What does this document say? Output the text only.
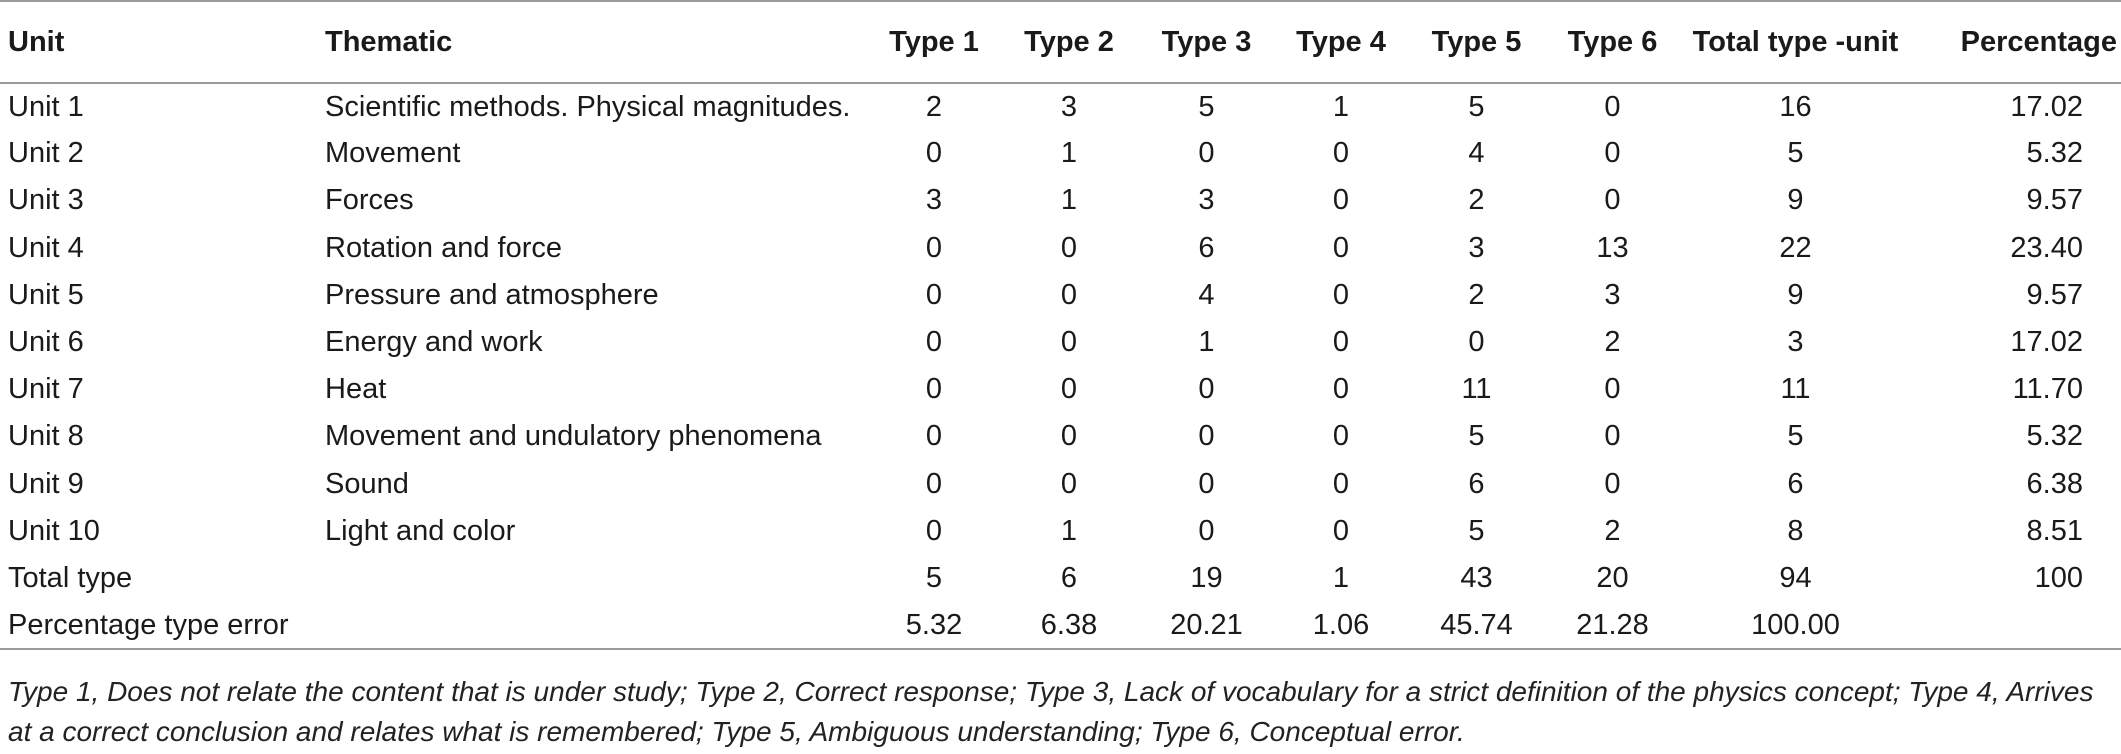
Unit	Thematic	Type 1	Type 2	Type 3	Type 4	Type 5	Type 6	Total type -unit	Percentage
Unit 1	Scientific methods. Physical magnitudes.	2	3	5	1	5	0	16	17.02
Unit 2	Movement	0	1	0	0	4	0	5	5.32
Unit 3	Forces	3	1	3	0	2	0	9	9.57
Unit 4	Rotation and force	0	0	6	0	3	13	22	23.40
Unit 5	Pressure and atmosphere	0	0	4	0	2	3	9	9.57
Unit 6	Energy and work	0	0	1	0	0	2	3	17.02
Unit 7	Heat	0	0	0	0	11	0	11	11.70
Unit 8	Movement and undulatory phenomena	0	0	0	0	5	0	5	5.32
Unit 9	Sound	0	0	0	0	6	0	6	6.38
Unit 10	Light and color	0	1	0	0	5	2	8	8.51
Total type		5	6	19	1	43	20	94	100
Percentage type error		5.32	6.38	20.21	1.06	45.74	21.28	100.00	
Type 1, Does not relate the content that is under study; Type 2, Correct response; Type 3, Lack of vocabulary for a strict definition of the physics concept; Type 4, Arrives at a correct conclusion and relates what is remembered; Type 5, Ambiguous understanding; Type 6, Conceptual error.
